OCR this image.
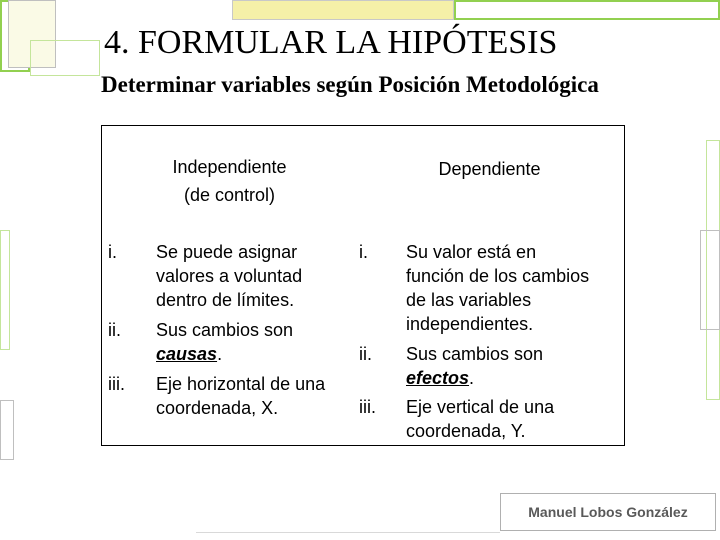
4. FORMULAR LA HIPÓTESIS
Determinar variables según Posición Metodológica
Independiente
(de control)
Dependiente
i. Se puede asignar
valores a voluntad
dentro de límites.
ii. Sus cambios son
causas.
iii. Eje horizontal de una
coordenada, X.
i. Su valor está en
función de los cambios
de las variables
independientes.
ii. Sus cambios son
efectos.
iii. Eje vertical de una
coordenada, Y.
Manuel Lobos González
